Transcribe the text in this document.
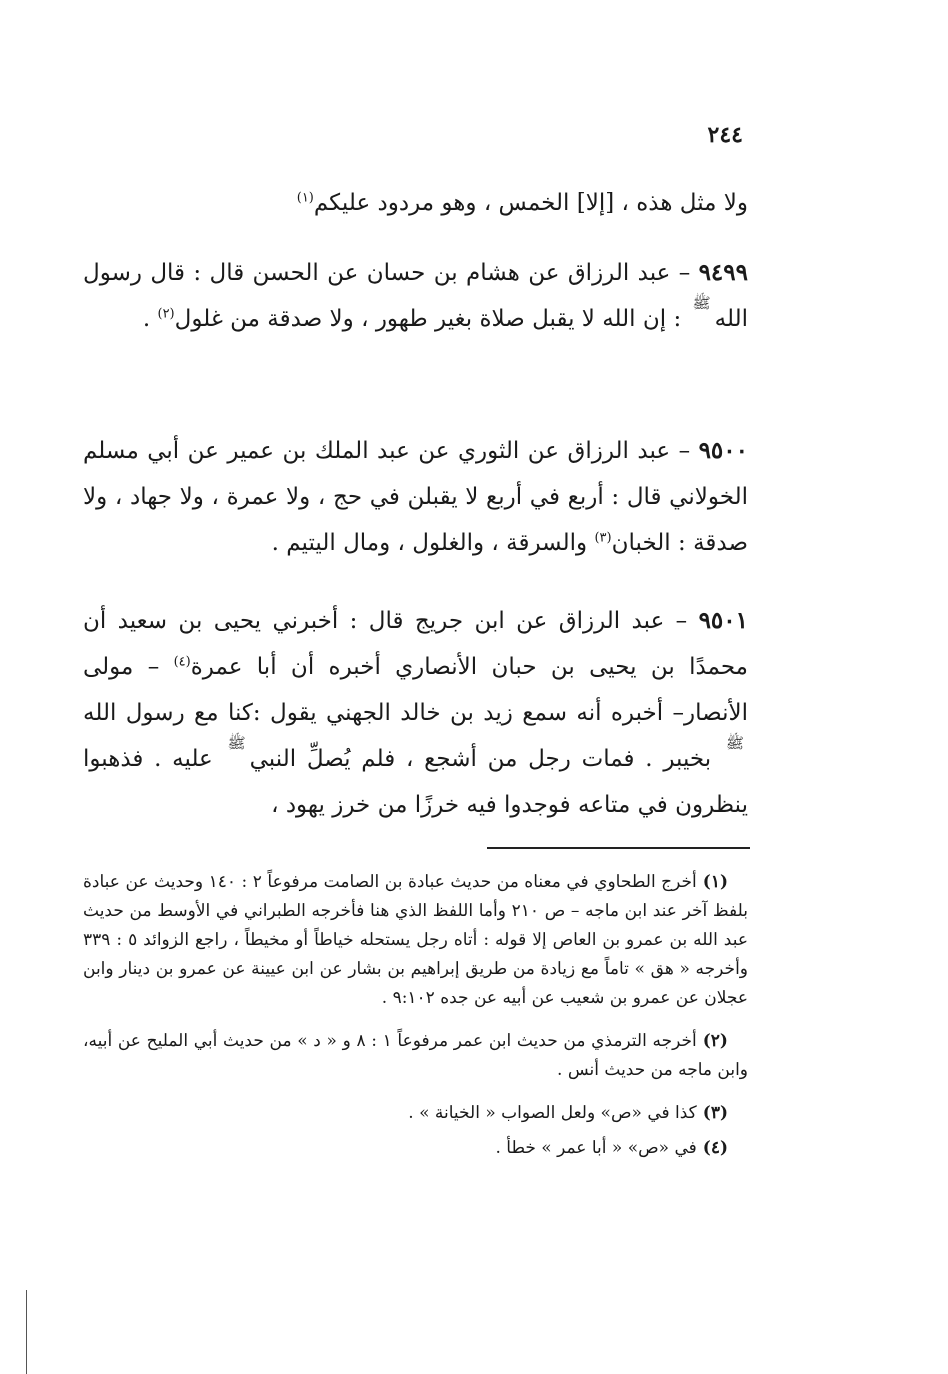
٢٤٤

ولا مثل هذه ، [إلا] الخمس ، وهو مردود عليكم$^{(١)}$

٩٤٩٩ – عبد الرزاق عن هشام بن حسان عن الحسن قال : قال رسول اللهﷺ : إن الله لا يقبل صلاة بغير طهور ، ولا صدقة من غلول$^{(٢)}$ .

٩٥٠٠ – عبد الرزاق عن الثوري عن عبد الملك بن عمير عن أبي مسلم الخولاني قال : أربع في أربع لا يقبلن في حج ، ولا عمرة ، ولا جهاد ، ولا صدقة : الخبان$^{(٣)}$ والسرقة ، والغلول ، ومال اليتيم .

٩٥٠١ – عبد الرزاق عن ابن جريج قال : أخبرني يحيى بن سعيد أن محمدًا بن يحيى بن حبان الأنصاري أخبره أن أبا عمرة$^{(٤)}$ – مولى الأنصار– أخبره أنه سمع زيد بن خالد الجهني يقول :كنا مع رسول اللهﷺ بخيبر . فمات رجل من أشجع ، فلم يُصلِّ النبيﷺ عليه . فذهبوا ينظرون في متاعه فوجدوا فيه خرزًا من خرز يهود ،

(١)أخرج الطحاوي في معناه من حديث عبادة بن الصامت مرفوعاً ٢ : ١٤٠ وحديث عن عبادة بلفظ آخر عند ابن ماجه – ص ٢١٠ وأما اللفظ الذي هنا فأخرجه الطبراني في الأوسط من حديث عبد الله بن عمرو بن العاص إلا قوله : أتاه رجل يستحله خياطاً أو مخيطاً ، راجع الزوائد ٥ : ٣٣٩ وأخرجه « هق » تاماً مع زيادة من طريق إبراهيم بن بشار عن ابن عيينة عن عمرو بن دينار وابن عجلان عن عمرو بن شعيب عن أبيه عن جده ٩:١٠٢ .

(٢)أخرجه الترمذي من حديث ابن عمر مرفوعاً ١ : ٨ و « د » من حديث أبي المليح عن أبيه، وابن ماجه من حديث أنس .

(٣)كذا في «ص» ولعل الصواب « الخيانة » .

(٤)في «ص» « أبا عمر » خطأ .
